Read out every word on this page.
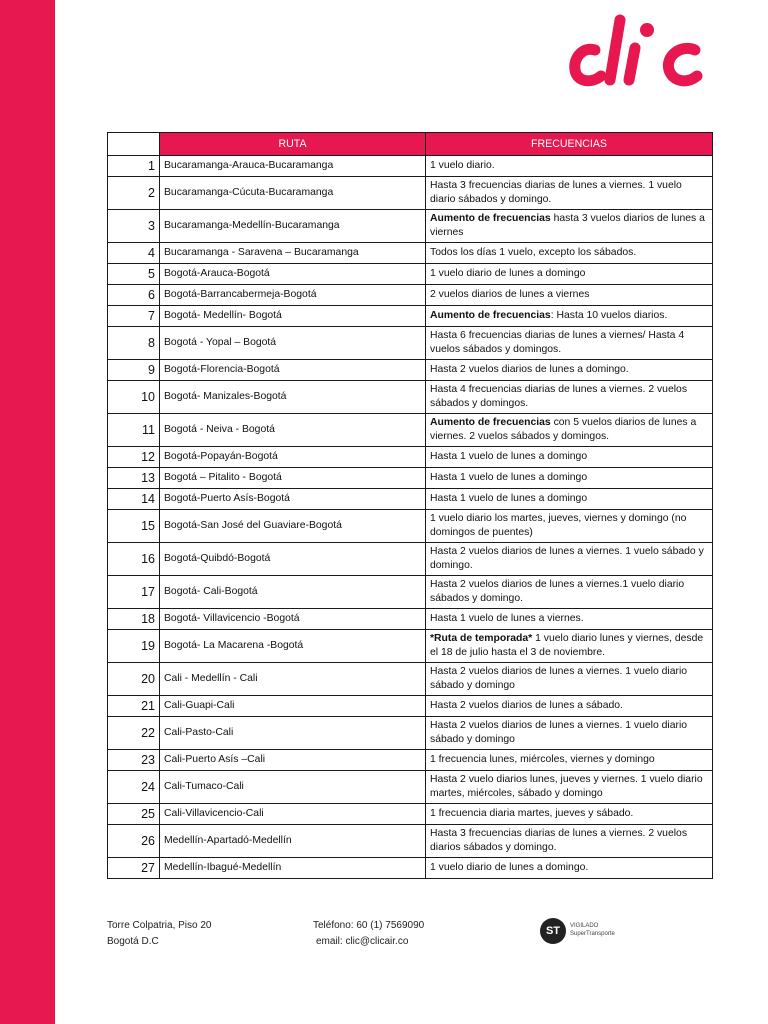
	RUTA	FRECUENCIAS
1	Bucaramanga-Arauca-Bucaramanga	1 vuelo diario.
2	Bucaramanga-Cúcuta-Bucaramanga	Hasta 3 frecuencias diarias de lunes a viernes. 1 vuelo diario sábados y domingo.
3	Bucaramanga-Medellín-Bucaramanga	Aumento de frecuencias hasta 3 vuelos diarios de lunes a viernes
4	Bucaramanga - Saravena – Bucaramanga	Todos los días 1 vuelo, excepto los sábados.
5	Bogotá-Arauca-Bogotá	1 vuelo diario de lunes a domingo
6	Bogotá-Barrancabermeja-Bogotá	2 vuelos diarios de lunes a viernes
7	Bogotá- Medellín- Bogotá	Aumento de frecuencias: Hasta 10 vuelos diarios.
8	Bogotá - Yopal – Bogotá	Hasta 6 frecuencias diarias de lunes a viernes/ Hasta 4 vuelos sábados y domingos.
9	Bogotá-Florencia-Bogotá	Hasta 2 vuelos diarios de lunes a domingo.
10	Bogotá- Manizales-Bogotá	Hasta 4 frecuencias diarias de lunes a viernes. 2 vuelos sábados y domingos.
11	Bogotá - Neiva - Bogotá	Aumento de frecuencias con 5 vuelos diarios de lunes a viernes. 2 vuelos sábados y domingos.
12	Bogotá-Popayán-Bogotá	Hasta 1 vuelo de lunes a domingo
13	Bogotá – Pitalito - Bogotá	Hasta 1 vuelo de lunes a domingo
14	Bogotá-Puerto Asís-Bogotá	Hasta 1 vuelo de lunes a domingo
15	Bogotá-San José del Guaviare-Bogotá	1 vuelo diario los martes, jueves, viernes y domingo (no domingos de puentes)
16	Bogotá-Quibdó-Bogotá	Hasta 2 vuelos diarios de lunes a viernes. 1 vuelo sábado y domingo.
17	Bogotá- Cali-Bogotá	Hasta 2 vuelos diarios de lunes a viernes.1 vuelo diario sábados y domingo.
18	Bogotá- Villavicencio -Bogotá	Hasta 1 vuelo de lunes a viernes.
19	Bogotá- La Macarena -Bogotá	*Ruta de temporada* 1 vuelo diario lunes y viernes, desde el 18 de julio hasta el 3 de noviembre.
20	Cali - Medellín - Cali	Hasta 2 vuelos diarios de lunes a viernes. 1 vuelo diario sábado y domingo
21	Cali-Guapi-Cali	Hasta 2 vuelos diarios de lunes a sábado.
22	Cali-Pasto-Cali	Hasta 2 vuelos diarios de lunes a viernes. 1 vuelo diario sábado y domingo
23	Cali-Puerto Asís –Cali	1 frecuencia lunes, miércoles, viernes y domingo
24	Cali-Tumaco-Cali	Hasta 2 vuelo diarios lunes, jueves y viernes. 1 vuelo diario martes, miércoles, sábado y domingo
25	Cali-Villavicencio-Cali	1 frecuencia diaria martes, jueves y sábado.
26	Medellín-Apartadó-Medellín	Hasta 3 frecuencias diarias de lunes a viernes. 2 vuelos diarios sábados y domingo.
27	Medellín-Ibagué-Medellín	1 vuelo diario de lunes a domingo.
Torre Colpatria, Piso 20
Bogotá D.C
Teléfono: 60 (1) 7569090
email: clic@clicair.co
ST	VIGILADO
SuperTransporte
